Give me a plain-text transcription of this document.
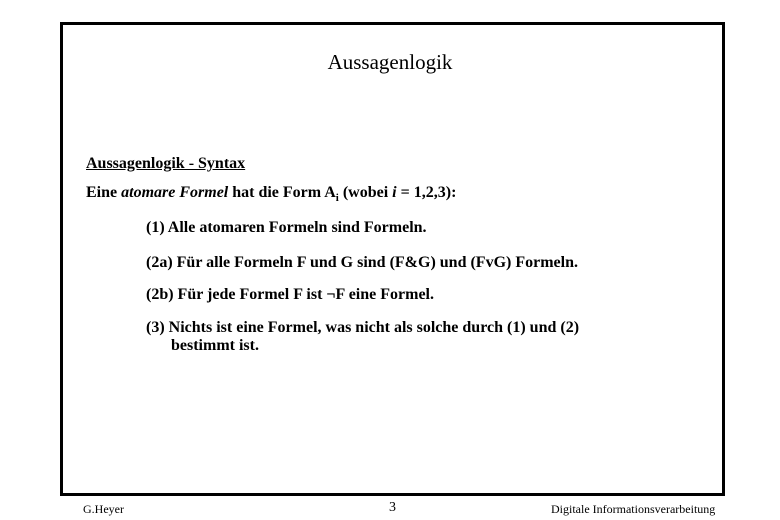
Aussagenlogik
Aussagenlogik - Syntax
Eine atomare Formel hat die Form $A_i$ (wobei i = 1,2,3):
(1) Alle atomaren Formeln sind Formeln.
(2a) Für alle Formeln F und G sind (F&G) und (FvG) Formeln.
(2b) Für jede Formel F ist ¬F eine Formel.
(3) Nichts ist eine Formel, was nicht als solche durch (1) und (2)
bestimmt ist.
G.Heyer	3	Digitale Informationsverarbeitung
